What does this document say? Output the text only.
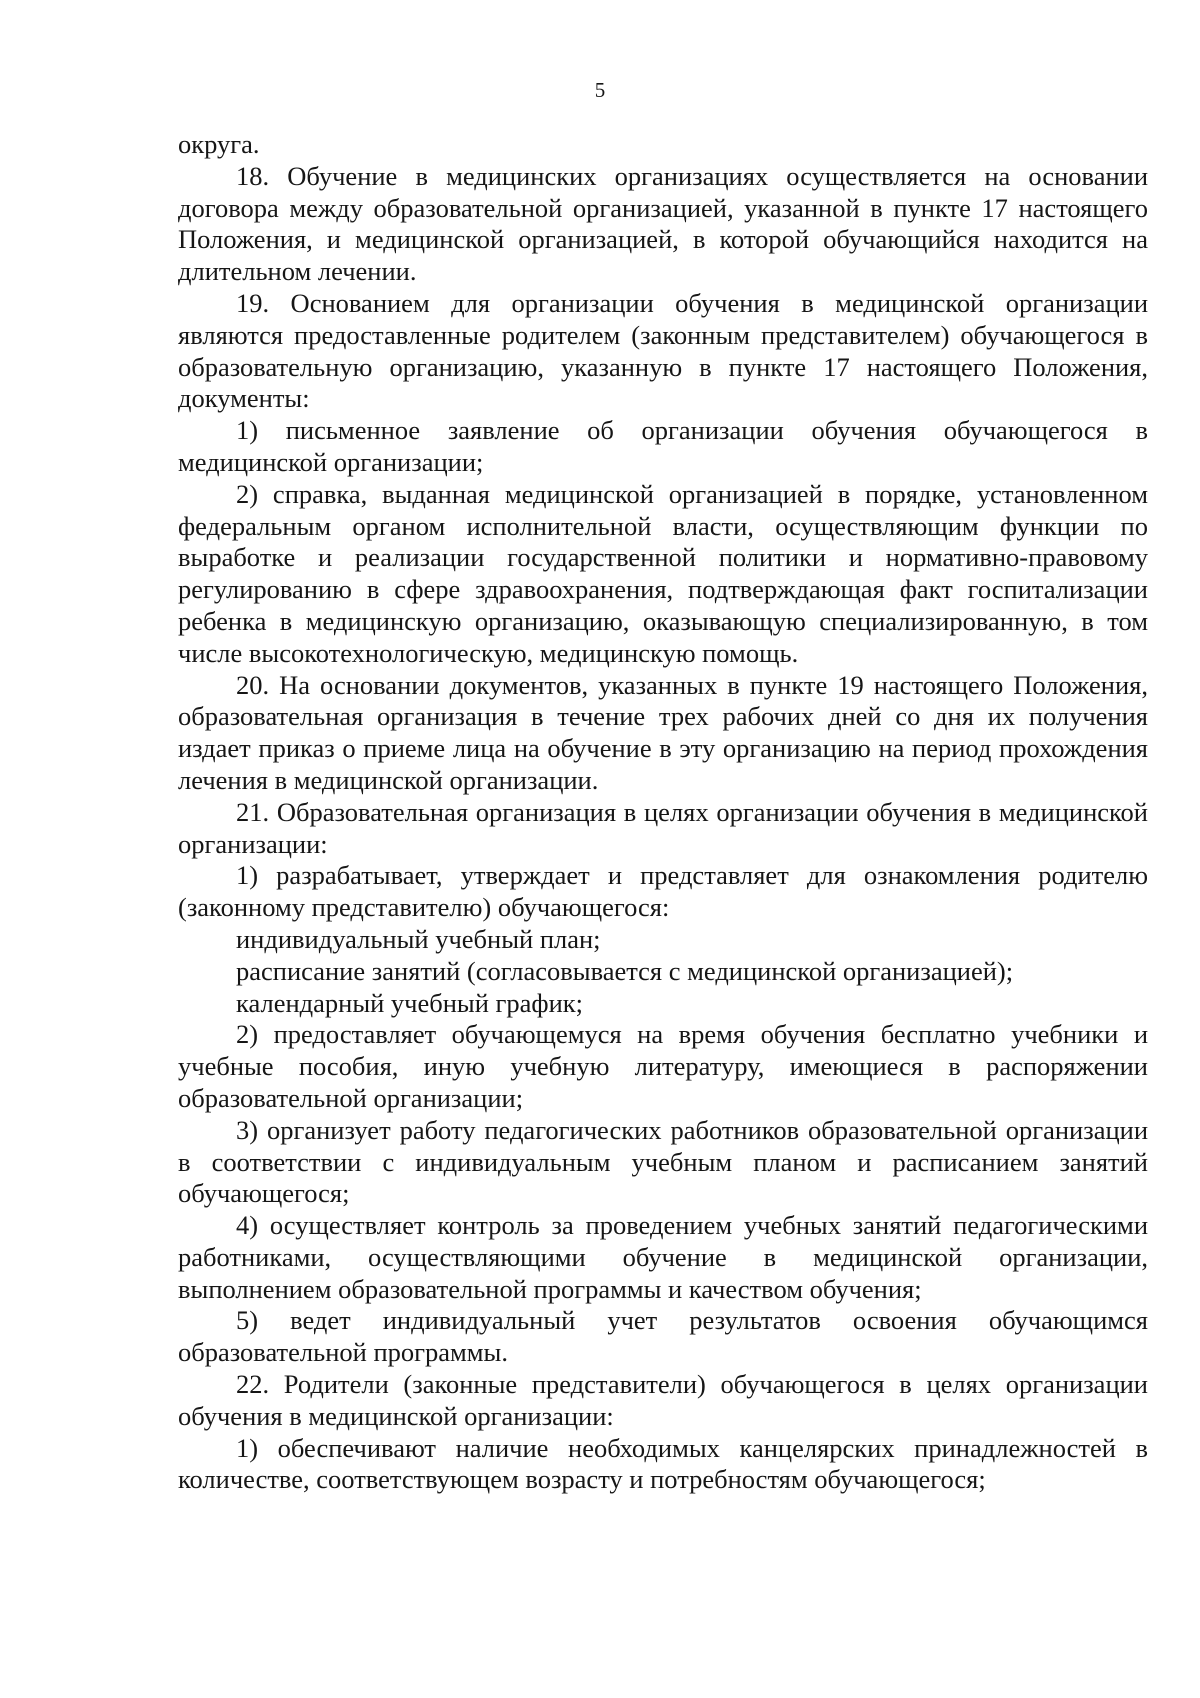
5

округа.

18. Обучение в медицинских организациях осуществляется на основании договора между образовательной организацией, указанной в пункте 17 настоящего Положения, и медицинской организацией, в которой обучающийся находится на длительном лечении.

19. Основанием для организации обучения в медицинской организации являются предоставленные родителем (законным представителем) обучающегося в образовательную организацию, указанную в пункте 17 настоящего Положения, документы:

1) письменное заявление об организации обучения обучающегося в медицинской организации;

2) справка, выданная медицинской организацией в порядке, установленном федеральным органом исполнительной власти, осуществляющим функции по выработке и реализации государственной политики и нормативно-правовому регулированию в сфере здравоохранения, подтверждающая факт госпитализации ребенка в медицинскую организацию, оказывающую специализированную, в том числе высокотехнологическую, медицинскую помощь.

20. На основании документов, указанных в пункте 19 настоящего Положения, образовательная организация в течение трех рабочих дней со дня их получения издает приказ о приеме лица на обучение в эту организацию на период прохождения лечения в медицинской организации.

21. Образовательная организация в целях организации обучения в медицинской организации:

1) разрабатывает, утверждает и представляет для ознакомления родителю (законному представителю) обучающегося:

индивидуальный учебный план;

расписание занятий (согласовывается с медицинской организацией);

календарный учебный график;

2) предоставляет обучающемуся на время обучения бесплатно учебники и учебные пособия, иную учебную литературу, имеющиеся в распоряжении образовательной организации;

3) организует работу педагогических работников образовательной организации в соответствии с индивидуальным учебным планом и расписанием занятий обучающегося;

4) осуществляет контроль за проведением учебных занятий педагогическими работниками, осуществляющими обучение в медицинской организации, выполнением образовательной программы и качеством обучения;

5) ведет индивидуальный учет результатов освоения обучающимся образовательной программы.

22. Родители (законные представители) обучающегося в целях организации обучения в медицинской организации:

1) обеспечивают наличие необходимых канцелярских принадлежностей в количестве, соответствующем возрасту и потребностям обучающегося;
